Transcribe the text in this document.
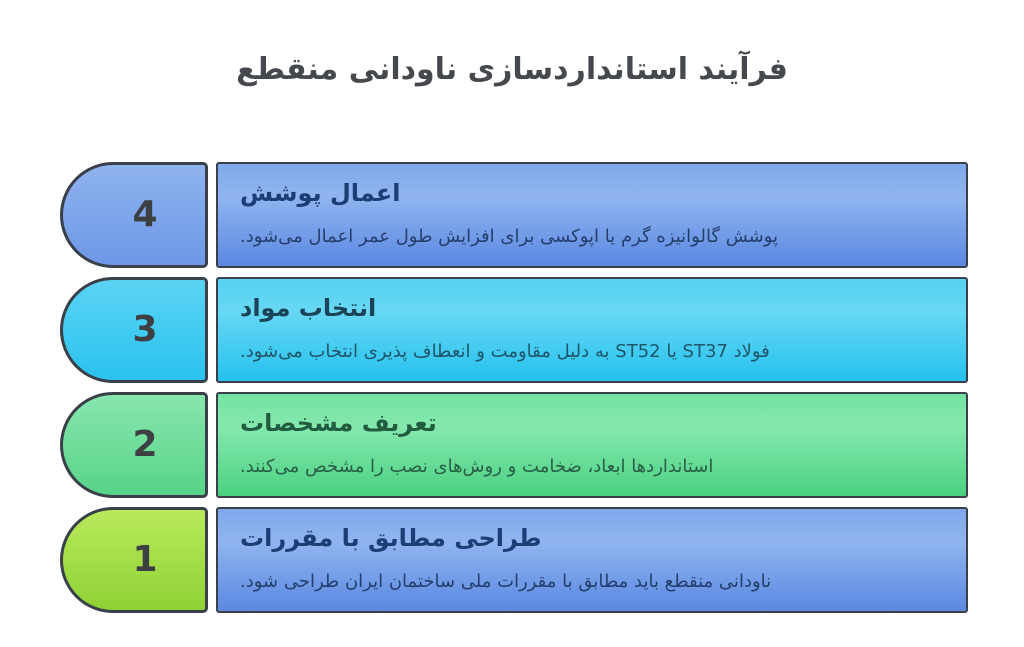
فرآیند استانداردسازی ناودانی منقطع
4
اعمال پوشش
پوشش گالوانیزه گرم یا اپوکسی برای افزایش طول عمر اعمال می‌شود.
3
انتخاب مواد
فولاد ST37 یا ST52 به دلیل مقاومت و انعطاف پذیری انتخاب می‌شود.
2
تعریف مشخصات
استانداردها ابعاد، ضخامت و روش‌های نصب را مشخص می‌کنند.
1
طراحی مطابق با مقررات
ناودانی منقطع باید مطابق با مقررات ملی ساختمان ایران طراحی شود.
